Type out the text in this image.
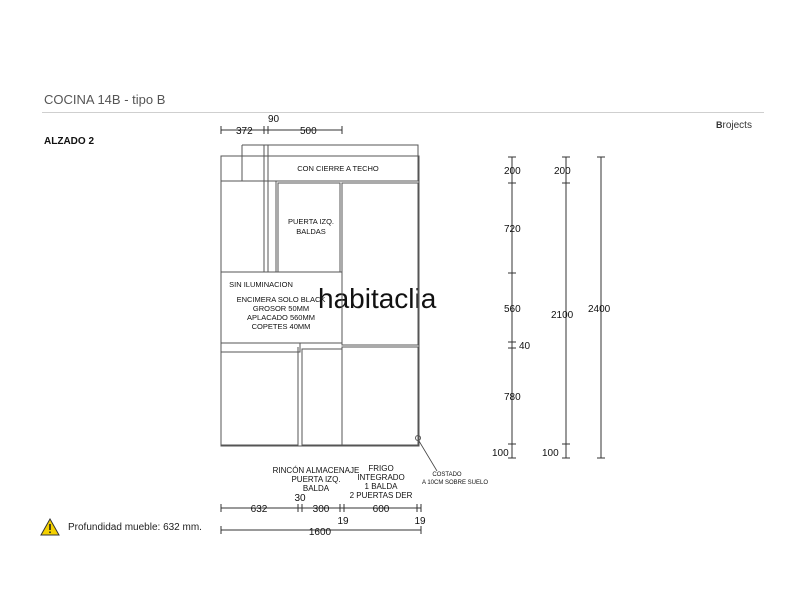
COCINA 14B - tipo B
ALZADO 2
Brojects
habitaclia
372
90
500
CON CIERRE A TECHO
PUERTA IZQ.
BALDAS
SIN ILUMINACION
ENCIMERA SOLO BLACK
GROSOR 50MM
APLACADO 560MM
COPETES 40MM
200
720
560
40
780
100
200
2100
100
2400
RINCÓN ALMACENAJE
PUERTA IZQ.
BALDA
FRIGO
INTEGRADO
1 BALDA
2 PUERTAS DER
COSTADO
A 10CM SOBRE SUELO
30
632	300	600
19	19
1600
Profundidad mueble: 632 mm.
